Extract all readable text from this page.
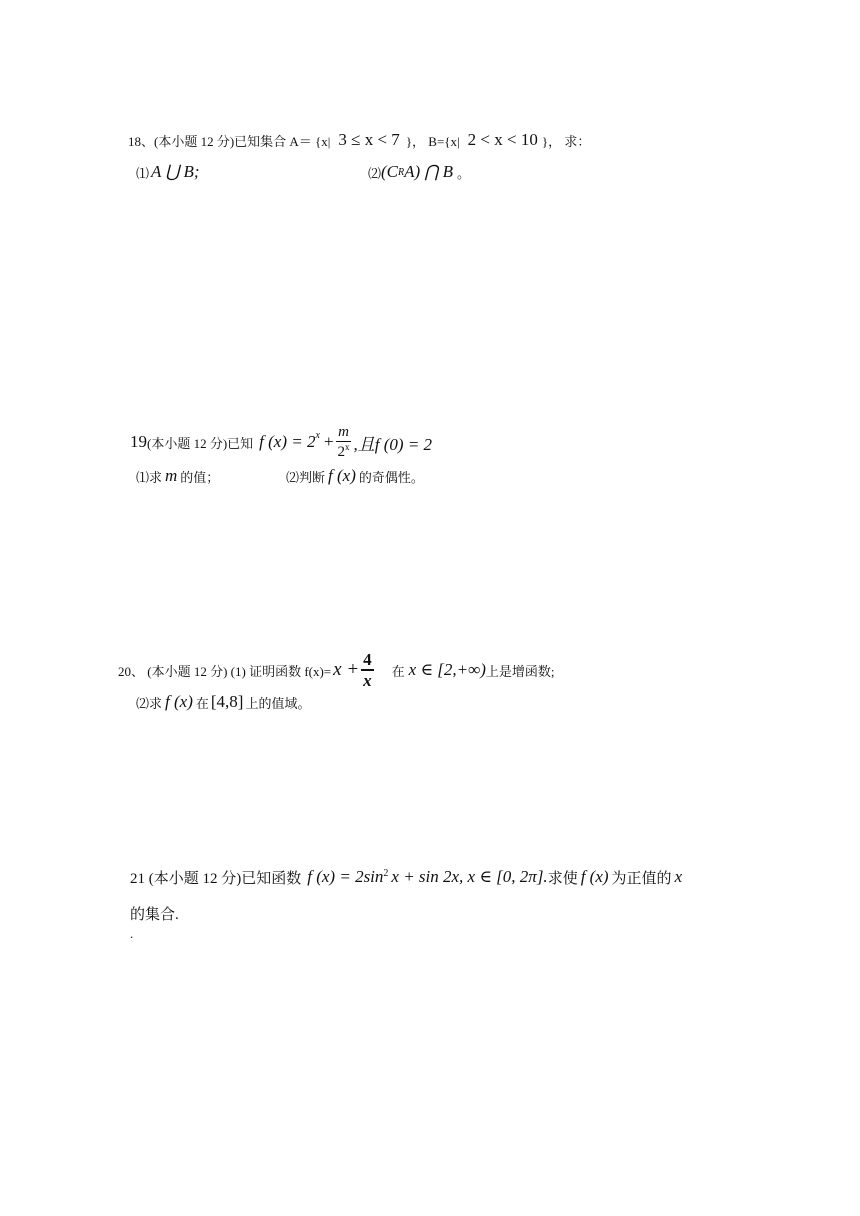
18、(本小题 12 分)已知集合 A＝ {x| 3 ≤ x < 7 }， B={x| 2 < x < 10 }， 求：
⑴ A ⋃ B;	⑵ (C R A) ⋂ B 。
19 (本小题 12 分)已知 f $(x) = 2^x + \frac{m}{2^x}$ ,且f (0) = 2
⑴求 m 的值；	⑵判断 f (x) 的奇偶性。
20、 (本小题 12 分) (1) 证明函数 $f(x)= x + \frac{4}{x}$ 在 x ∈ [2,+∞) 上是增函数;
⑵求 f (x) 在 [4,8] 上的值域。
21 (本小题 12 分)已知函数 f $(x) = 2\sin^2$ x + sin 2x, x ∈ [0, 2π]. 求使 f (x) 为正值的 x
的集合.
.
